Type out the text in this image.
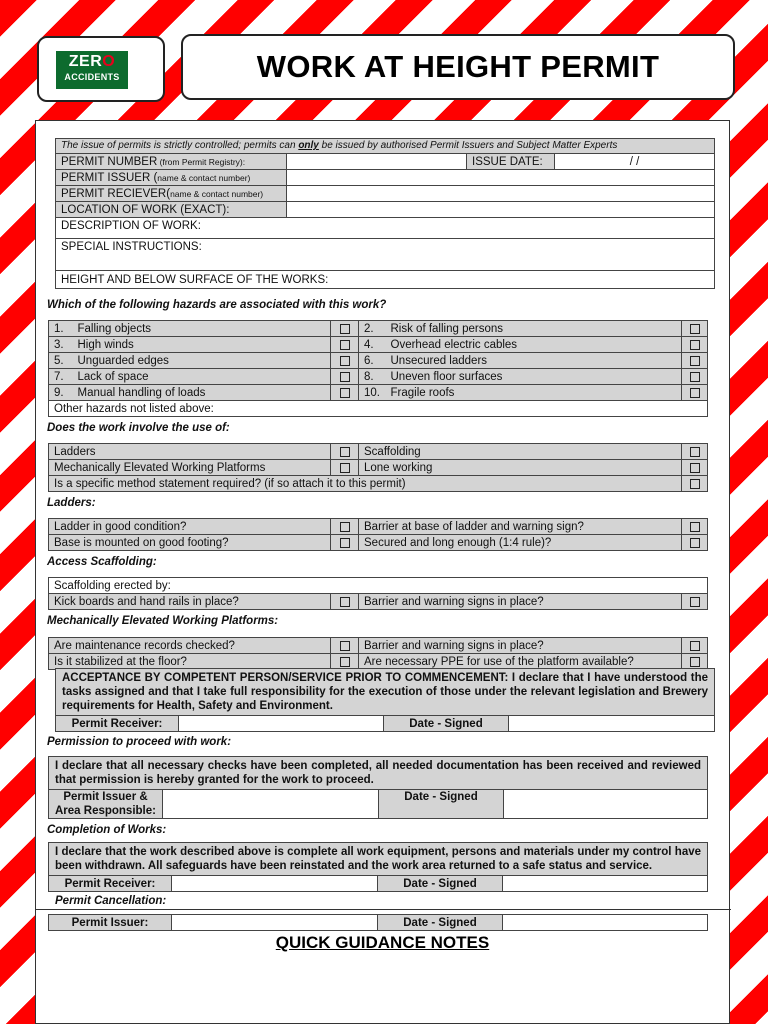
ZERO
ACCIDENTS	WORK AT HEIGHT PERMIT
The issue of permits is strictly controlled; permits can only be issued by authorised Permit Issuers and Subject Matter Experts			
PERMIT NUMBER (from Permit Registry):		ISSUE DATE:	/ /
PERMIT ISSUER (name & contact number)			
PERMIT RECIEVER(name & contact number)			
LOCATION OF WORK (EXACT):			
DESCRIPTION OF WORK:			
SPECIAL INSTRUCTIONS:			
HEIGHT AND BELOW SURFACE OF THE WORKS:			
Which of the following hazards are associated with this work?
1.	Falling objects		2.	Risk of falling persons	
3.	High winds		4.	Overhead electric cables	
5.	Unguarded edges		6.	Unsecured ladders	
7.	Lack of space		8.	Uneven floor surfaces	
9.	Manual handling of loads		10.	Fragile roofs	
Other hazards not listed above:					
Does the work involve the use of:
Ladders		Scaffolding	
Mechanically Elevated Working Platforms		Lone working	
Is a specific method statement required? (if so attach it to this permit)			
Ladders:
Ladder in good condition?		Barrier at base of ladder and warning sign?	
Base is mounted on good footing?		Secured and long enough (1:4 rule)?	
Access Scaffolding:
Scaffolding erected by:
Kick boards and hand rails in place?		Barrier and warning signs in place?	
Mechanically Elevated Working Platforms:
Are maintenance records checked?		Barrier and warning signs in place?	
Is it stabilized at the floor?		Are necessary PPE for use of the platform available?	
ACCEPTANCE BY COMPETENT PERSON/SERVICE PRIOR TO COMMENCEMENT: I declare that I have understood the tasks assigned and that I take full responsibility for the execution of those under the relevant legislation and Brewery requirements for Health, Safety and Environment.
Permit Receiver:		Date - Signed	
Permission to proceed with work:
I declare that all necessary checks have been completed, all needed documentation has been received and reviewed that permission is hereby granted for the work to proceed.
Permit Issuer &
Area Responsible:		Date - Signed	
Completion of Works:
I declare that the work described above is complete all work equipment, persons and materials under my control have been withdrawn. All safeguards have been reinstated and the work area returned to a safe status and service.
Permit Receiver:		Date - Signed	
Permit Cancellation:
Permit Issuer:		Date - Signed	
QUICK GUIDANCE NOTES
